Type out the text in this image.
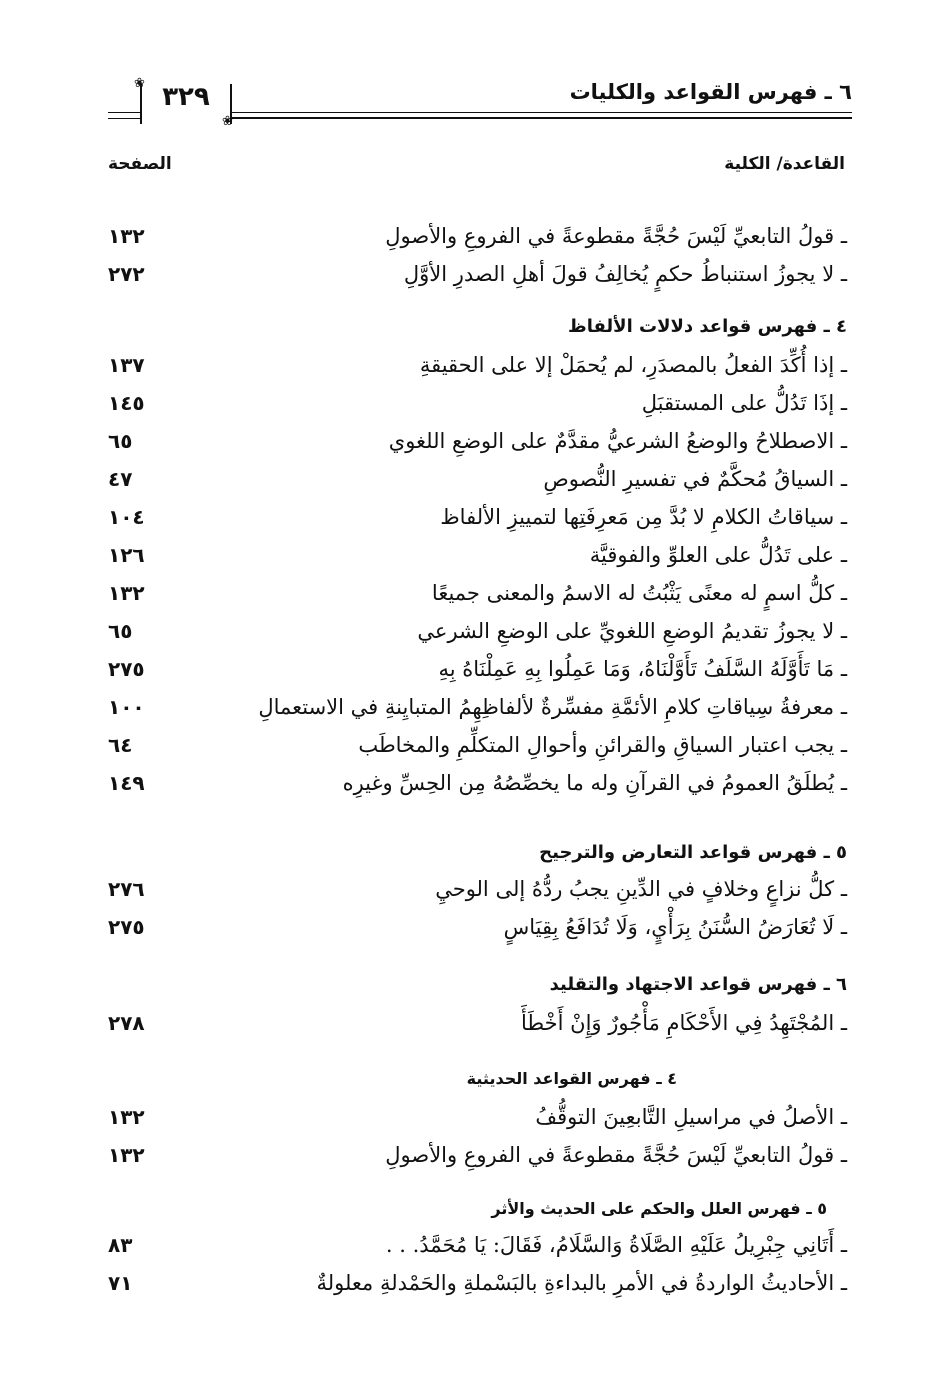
٦ ـ فهرس القواعد والكليات
❀
❀
٣٢٩
القاعدة/ الكلية
الصفحة
ـ قولُ التابعيِّ لَيْسَ حُجَّةً مقطوعةً في الفروعِ والأصولِ
١٣٢
ـ لا يجوزُ استنباطُ حكمٍ يُخالِفُ قولَ أهلِ الصدرِ الأوَّلِ
٢٧٢
٤ ـ فهرس قواعد دلالات الألفاظ
ـ إذا أُكِّدَ الفعلُ بالمصدَرِ، لم يُحمَلْ إلا على الحقيقةِ
١٣٧
ـ إذَا تَدُلُّ على المستقبَلِ
١٤٥
ـ الاصطلاحُ والوضعُ الشرعيُّ مقدَّمٌ على الوضعِ اللغوي
٦٥
ـ السياقُ مُحكَّمٌ في تفسيرِ النُّصوصِ
٤٧
ـ سياقاتُ الكلامِ لا بُدَّ مِن مَعرِفَتِها لتمييزِ الألفاظ
١٠٤
ـ على تَدُلُّ على العلوِّ والفوقيَّة
١٢٦
ـ كلُّ اسمٍ له معنًى يَثْبُتُ له الاسمُ والمعنى جميعًا
١٣٢
ـ لا يجوزُ تقديمُ الوضعِ اللغويِّ على الوضعِ الشرعي
٦٥
ـ مَا تَأَوَّلَهُ السَّلَفُ تَأَوَّلْنَاهُ، وَمَا عَمِلُوا بِهِ عَمِلْنَاهُ بِهِ
٢٧٥
ـ معرفةُ سِياقاتِ كلامِ الأئمَّةِ مفسِّرةٌ لألفاظِهِمُ المتبايِنةِ في الاستعمالِ
١٠٠
ـ يجب اعتبار السياقِ والقرائنِ وأحوالِ المتكلِّمِ والمخاطَب
٦٤
ـ يُطلَقُ العمومُ في القرآنِ وله ما يخصِّصُهُ مِن الحِسِّ وغيرِه
١٤٩
٥ ـ فهرس قواعد التعارض والترجيح
ـ كلُّ نزاعٍ وخلافٍ في الدِّينِ يجبُ ردُّهُ إلى الوحيِ
٢٧٦
ـ لَا تُعَارَضُ السُّنَنُ بِرَأْيٍ، وَلَا تُدَافَعُ بِقِيَاسٍ
٢٧٥
٦ ـ فهرس قواعد الاجتهاد والتقليد
ـ المُجْتَهِدُ فِي الأَحْكَامِ مَأْجُورٌ وَإِنْ أَخْطَأَ
٢٧٨
٤ ـ فهرس القواعد الحديثية
ـ الأصلُ في مراسيلِ التَّابعِينَ التوقُّفُ
١٣٢
ـ قولُ التابعيِّ لَيْسَ حُجَّةً مقطوعةً في الفروعِ والأصولِ
١٣٢
٥ ـ فهرس العلل والحكم على الحديث والأثر
ـ أَتَانِي جِبْرِيلُ عَلَيْهِ الصَّلَاةُ وَالسَّلَامُ، فَقَالَ: يَا مُحَمَّدُ. . .
٨٣
ـ الأحاديثُ الواردةُ في الأمرِ بالبداءةِ بالبَسْملةِ والحَمْدلةِ معلولةٌ
٧١
